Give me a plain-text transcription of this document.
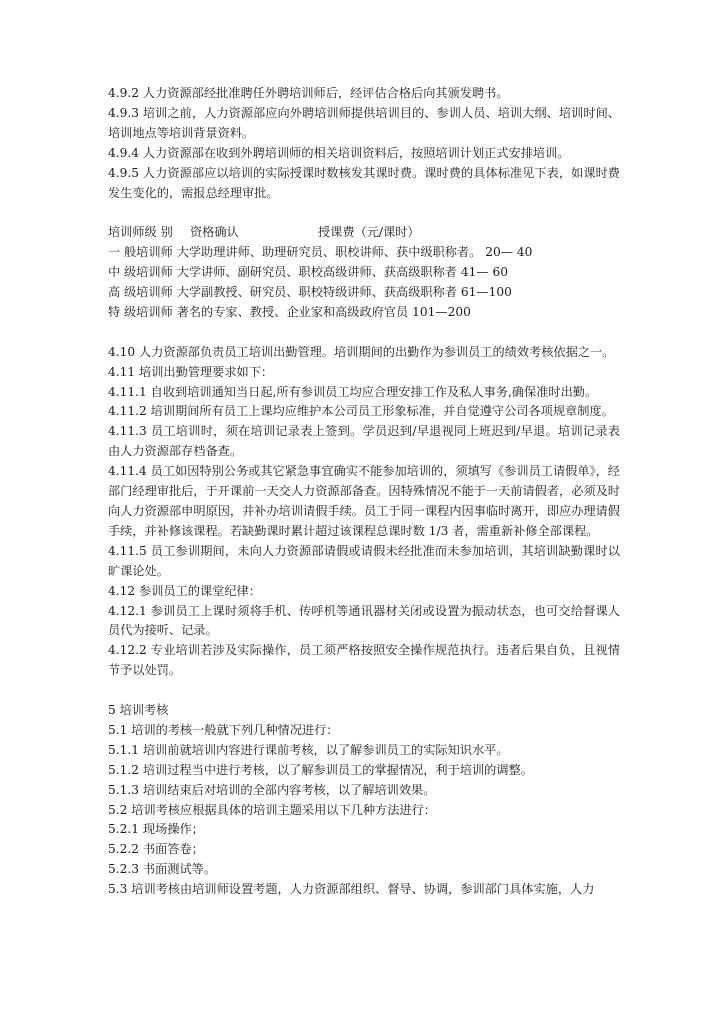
4.9.2 人力资源部经批准聘任外聘培训师后，经评估合格后向其颁发聘书。

4.9.3 培训之前，人力资源部应向外聘培训师提供培训目的、参训人员、培训大纲、培训时间、培训地点等培训背景资料。

4.9.4 人力资源部在收到外聘培训师的相关培训资料后，按照培训计划正式安排培训。

4.9.5 人力资源部应以培训的实际授课时数核发其课时费。课时费的具体标准见下表，如课时费发生变化的，需报总经理审批。

培训师级 别 资格确认	授课费（元/课时）
一 般培训师 大学助理讲师、助理研究员、职校讲师、获中级职称者。 20— 40
中 级培训师 大学讲师、副研究员、职校高级讲师、获高级职称者 41— 60
高 级培训师 大学副教授、研究员、职校特级讲师、获高级职称者 61—100
特 级培训师 著名的专家、教授、企业家和高级政府官员 101—200

4.10 人力资源部负责员工培训出勤管理。培训期间的出勤作为参训员工的绩效考核依据之一。

4.11 培训出勤管理要求如下：

4.11.1 自收到培训通知当日起,所有参训员工均应合理安排工作及私人事务,确保准时出勤。

4.11.2 培训期间所有员工上课均应维护本公司员工形象标准，并自觉遵守公司各项规章制度。

4.11.3 员工培训时，须在培训记录表上签到。学员迟到/早退视同上班迟到/早退。培训记录表由人力资源部存档备查。

4.11.4 员工如因特别公务或其它紧急事宜确实不能参加培训的，须填写《参训员工请假单》，经部门经理审批后，于开课前一天交人力资源部备查。因特殊情况不能于一天前请假者，必须及时向人力资源部申明原因，并补办培训请假手续。员工于同一课程内因事临时离开，即应办理请假手续，并补修该课程。若缺勤课时累计超过该课程总课时数 1/3 者，需重新补修全部课程。

4.11.5 员工参训期间，未向人力资源部请假或请假未经批准而未参加培训，其培训缺勤课时以旷课论处。

4.12 参训员工的课堂纪律：

4.12.1 参训员工上课时须将手机、传呼机等通讯器材关闭或设置为振动状态，也可交给督课人员代为接听、记录。

4.12.2 专业培训若涉及实际操作，员工须严格按照安全操作规范执行。违者后果自负，且视情节予以处罚。

5 培训考核

5.1 培训的考核一般就下列几种情况进行：

5.1.1 培训前就培训内容进行课前考核，以了解参训员工的实际知识水平。

5.1.2 培训过程当中进行考核，以了解参训员工的掌握情况，利于培训的调整。

5.1.3 培训结束后对培训的全部内容考核，以了解培训效果。

5.2 培训考核应根据具体的培训主题采用以下几种方法进行：

5.2.1 现场操作；

5.2.2 书面答卷；

5.2.3 书面测试等。

5.3 培训考核由培训师设置考题，人力资源部组织、督导、协调，参训部门具体实施，人力
